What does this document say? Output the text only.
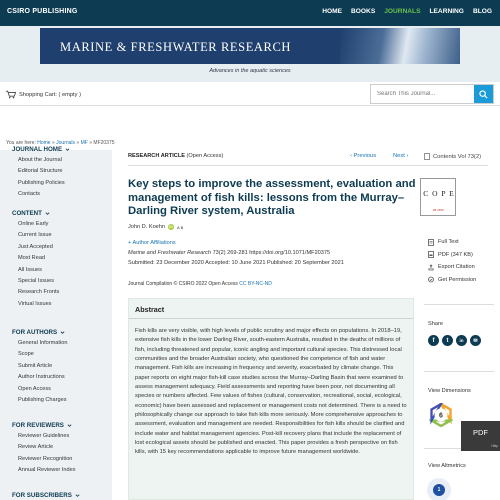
CSIRO PUBLISHING	HOME BOOKS JOURNALS LEARNING BLOG
MARINE & FRESHWATER RESEARCH
Advances in the aquatic sciences
Shopping Cart: ( empty )
Search This Journal...
You are here: Home » Journals » MF » MF20375
JOURNAL HOME
About the Journal
Editorial Structure
Publishing Policies
Contacts
CONTENT
Online Early
Current Issue
Just Accepted
Most Read
All Issues
Special Issues
Research Fronts
Virtual Issues
FOR AUTHORS
General Information
Scope
Submit Article
Author Instructions
Open Access
Publishing Charges
FOR REVIEWERS
Reviewer Guidelines
Review Article
Reviewer Recognition
Annual Reviewer Index
FOR SUBSCRIBERS
RESEARCH ARTICLE (Open Access)	‹ Previous	Next ›	Contents Vol 73(2)
Key steps to improve the assessment, evaluation and management of fish kills: lessons from the Murray–Darling River system, Australia
John D. Koehn	iD	A B
+ Author Affiliations
Marine and Freshwater Research 73(2) 269-281 https://doi.org/10.1071/MF20375
Submitted: 23 December 2020 Accepted: 10 June 2021 Published: 20 September 2021
Journal Compilation © CSIRO 2022 Open Access CC BY-NC-ND
Abstract
Fish kills are very visible, with high levels of public scrutiny and major effects on populations. In 2018–19, extensive fish kills in the lower Darling River, south-eastern Australia, resulted in the deaths of millions of fish, including threatened and popular, iconic angling and important cultural species. This distressed local communities and the broader Australian society, who questioned the competence of fish and water management. Fish kills are increasing in frequency and severity, exacerbated by climate change. This paper reports on eight major fish-kill case studies across the Murray–Darling Basin that were examined to assess management adequacy. Field assessments and reporting have been poor, not documenting all species or numbers affected. Few values of fishes (cultural, conservation, recreational, social, ecological, economic) have been assessed and replacement or management costs not determined. There is a need to philosophically change our approach to take fish kills more seriously. More comprehensive approaches to assessment, evaluation and management are needed. Responsibilities for fish kills should be clarified and include water and habitat management agencies. Post-kill recovery plans that include the replacement of lost ecological assets should be published and enacted. This paper provides a fresh perspective on fish kills, with 15 key recommendations applicable to improve future management worldwide.
C O P E
JM 2659
Full Text
PDF (347 KB)
Export Citation
Get Permission
Share
f	t	in	✉
View Dimensions
6
View Altmetrics
1
PDF
Help
